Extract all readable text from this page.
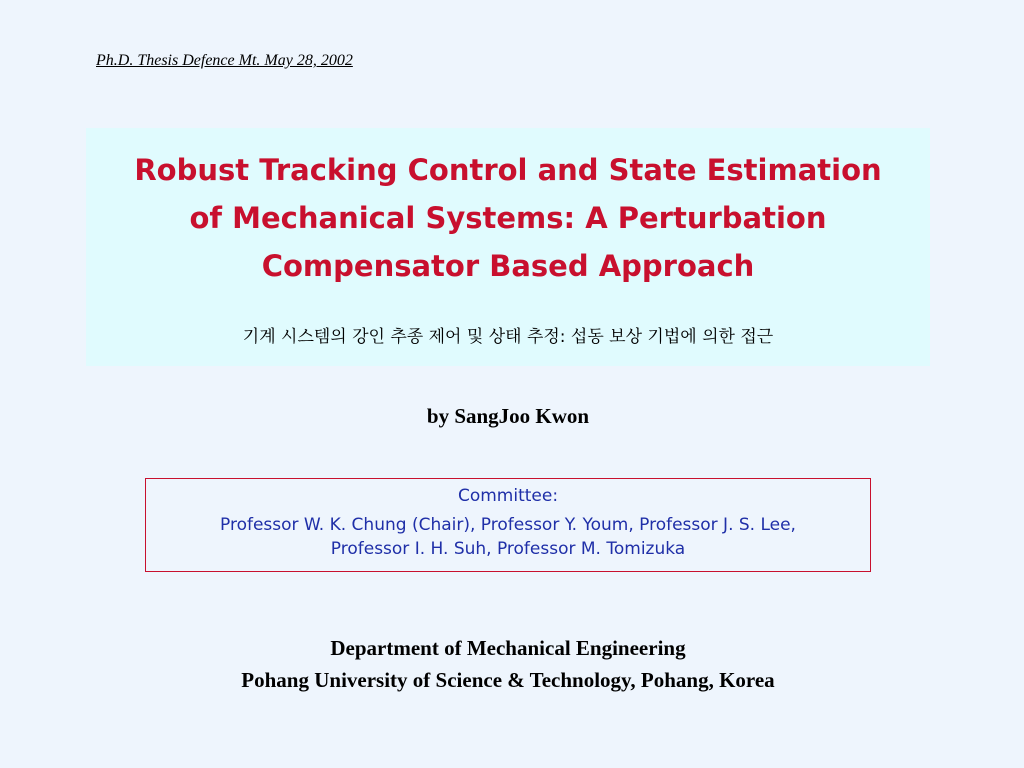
Ph.D. Thesis Defence Mt. May 28, 2002
Robust Tracking Control and State Estimation
of Mechanical Systems: A Perturbation
Compensator Based Approach
기계 시스템의 강인 추종 제어 및 상태 추정: 섭동 보상 기법에 의한 접근
by SangJoo Kwon
Committee:
Professor W. K. Chung (Chair), Professor Y. Youm, Professor J. S. Lee,
Professor I. H. Suh, Professor M. Tomizuka
Department of Mechanical Engineering
Pohang University of Science & Technology, Pohang, Korea
